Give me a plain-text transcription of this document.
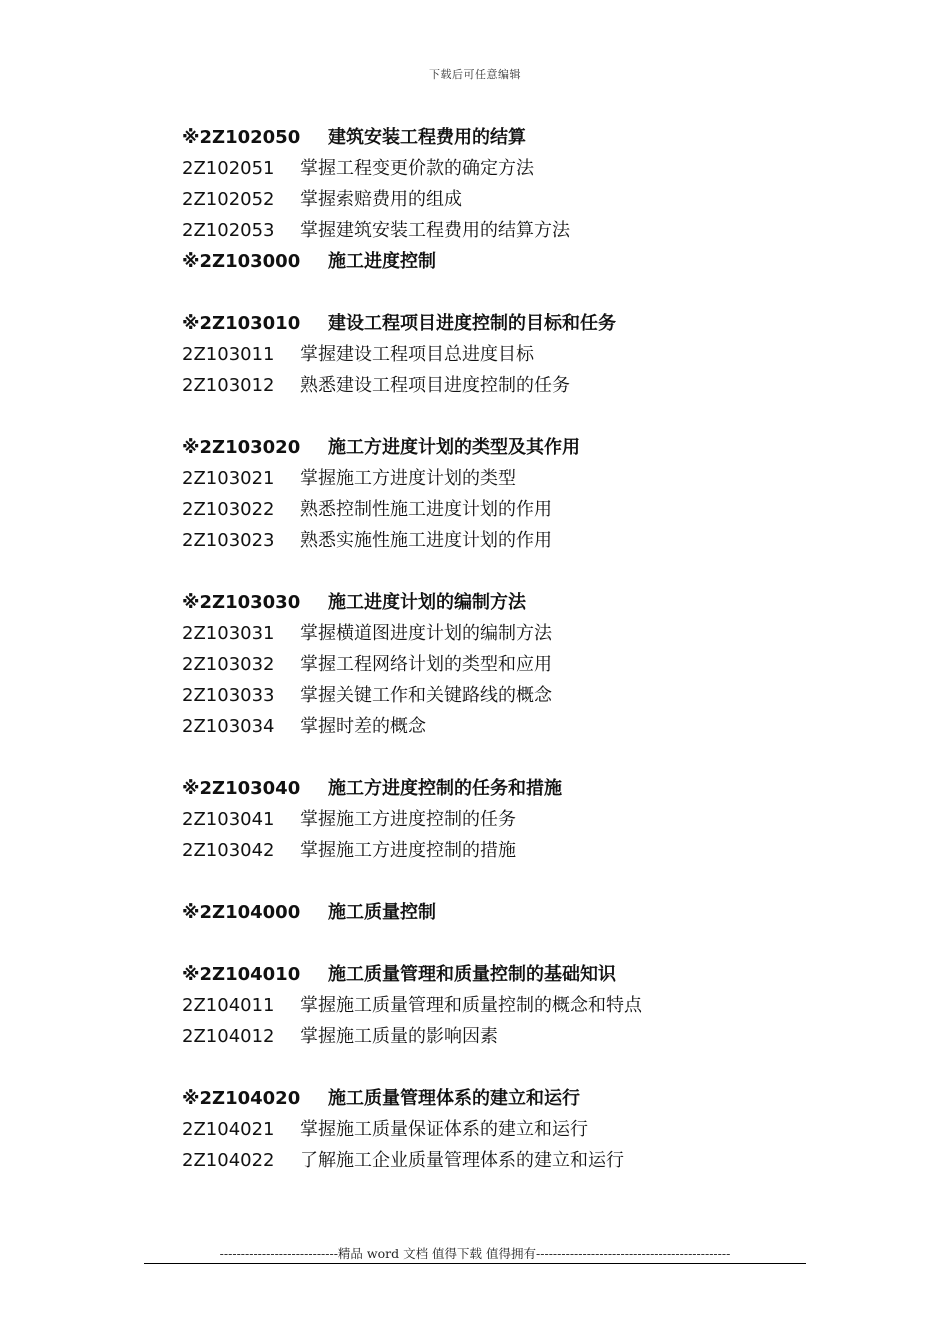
下载后可任意编辑
※2Z102050 建筑安装工程费用的结算
2Z102051 掌握工程变更价款的确定方法
2Z102052 掌握索赔费用的组成
2Z102053 掌握建筑安装工程费用的结算方法
※2Z103000 施工进度控制
※2Z103010 建设工程项目进度控制的目标和任务
2Z103011 掌握建设工程项目总进度目标
2Z103012 熟悉建设工程项目进度控制的任务
※2Z103020 施工方进度计划的类型及其作用
2Z103021 掌握施工方进度计划的类型
2Z103022 熟悉控制性施工进度计划的作用
2Z103023 熟悉实施性施工进度计划的作用
※2Z103030 施工进度计划的编制方法
2Z103031 掌握横道图进度计划的编制方法
2Z103032 掌握工程网络计划的类型和应用
2Z103033 掌握关键工作和关键路线的概念
2Z103034 掌握时差的概念
※2Z103040 施工方进度控制的任务和措施
2Z103041 掌握施工方进度控制的任务
2Z103042 掌握施工方进度控制的措施
※2Z104000 施工质量控制
※2Z104010 施工质量管理和质量控制的基础知识
2Z104011 掌握施工质量管理和质量控制的概念和特点
2Z104012 掌握施工质量的影响因素
※2Z104020 施工质量管理体系的建立和运行
2Z104021 掌握施工质量保证体系的建立和运行
2Z104022 了解施工企业质量管理体系的建立和运行
----------------------------精品 word 文档 值得下载 值得拥有----------------------------------------------
